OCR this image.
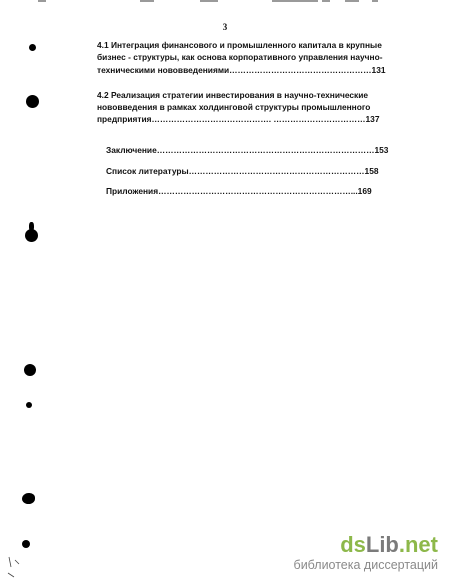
3
4.1 Интеграция финансового и промышленного капитала в крупные
бизнес - структуры, как основа корпоративного управления научно-
техническими нововведениями……………………………………………131
4.2 Реализация стратегии инвестирования в научно-технические
нововведения в рамках холдинговой структуры промышленного
предприятия……………………………………. ……………………………137
Заключение……………………………………………………………………153
Список литературы………………………………………………………158
Приложения……………………………………………………………...169
dsLib.net
библиотека диссертаций
